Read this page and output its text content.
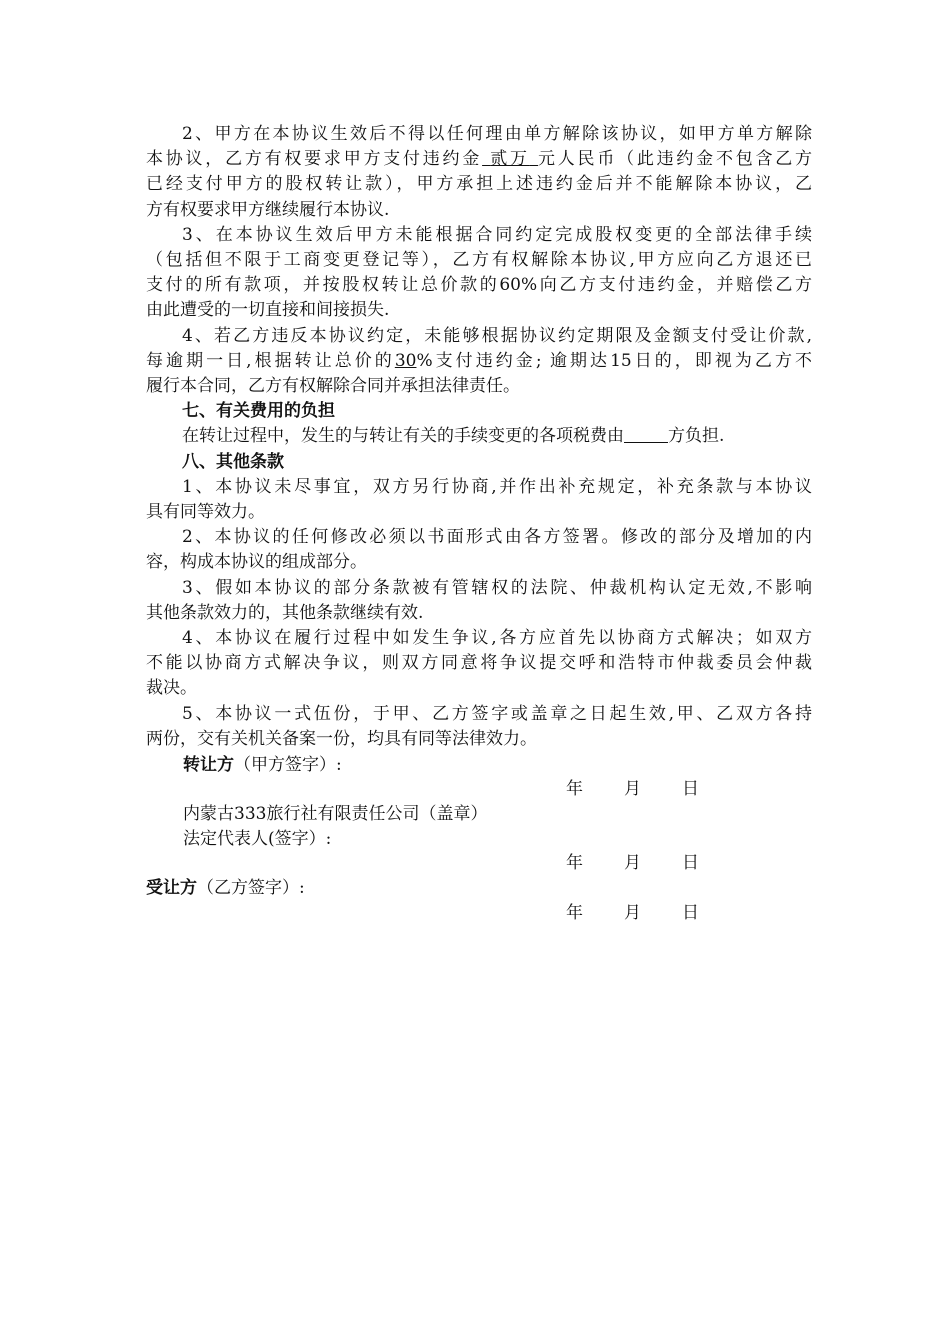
2、甲方在本协议生效后不得以任何理由单方解除该协议，如甲方单方解除
本协议，乙方有权要求甲方支付违约金 贰万 元人民币（此违约金不包含乙方
已经支付甲方的股权转让款），甲方承担上述违约金后并不能解除本协议，乙
方有权要求甲方继续履行本协议.
3、在本协议生效后甲方未能根据合同约定完成股权变更的全部法律手续
（包括但不限于工商变更登记等），乙方有权解除本协议,甲方应向乙方退还已
支付的所有款项，并按股权转让总价款的60%向乙方支付违约金，并赔偿乙方
由此遭受的一切直接和间接损失.
4、若乙方违反本协议约定，未能够根据协议约定期限及金额支付受让价款,
每逾期一日,根据转让总价的30%支付违约金; 逾期达15日的，即视为乙方不
履行本合同，乙方有权解除合同并承担法律责任。
七、有关费用的负担
在转让过程中，发生的与转让有关的手续变更的各项税费由	方负担.
八、其他条款
1、本协议未尽事宜，双方另行协商,并作出补充规定，补充条款与本协议
具有同等效力。
2、本协议的任何修改必须以书面形式由各方签署。修改的部分及增加的内
容，构成本协议的组成部分。
3、假如本协议的部分条款被有管辖权的法院、仲裁机构认定无效,不影响
其他条款效力的，其他条款继续有效.
4、本协议在履行过程中如发生争议,各方应首先以协商方式解决；如双方
不能以协商方式解决争议，则双方同意将争议提交呼和浩特市仲裁委员会仲裁
裁决。
5、本协议一式伍份，于甲、乙方签字或盖章之日起生效,甲、乙双方各持
两份，交有关机关备案一份，均具有同等法律效力。
转让方（甲方签字）:
年 月 日
内蒙古333旅行社有限责任公司（盖章）
法定代表人(签字）:
年 月 日
受让方（乙方签字）:
年 月 日
